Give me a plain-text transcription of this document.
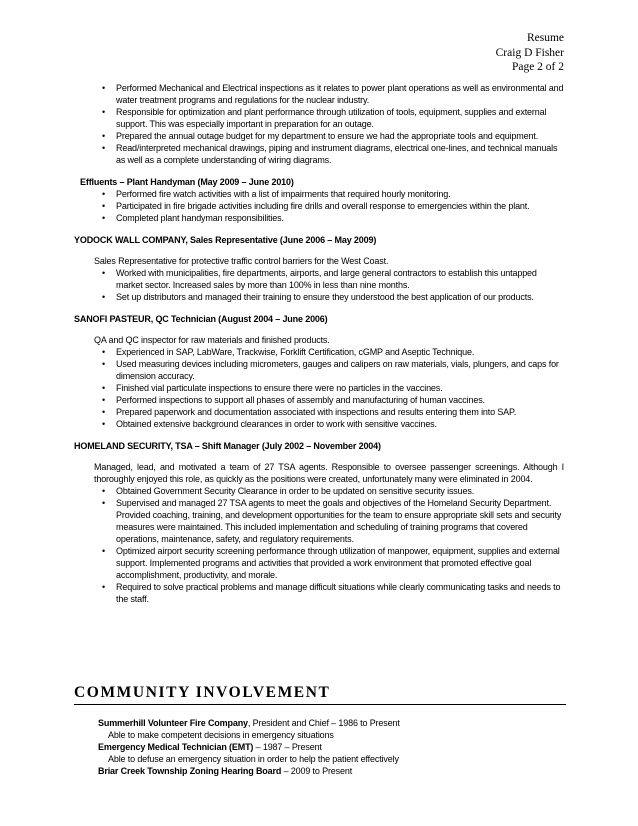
Resume
Craig D Fisher
Page 2 of 2
• Performed Mechanical and Electrical inspections as it relates to power plant operations as well as environmental and water treatment programs and regulations for the nuclear industry.
• Responsible for optimization and plant performance through utilization of tools, equipment, supplies and external support. This was especially important in preparation for an outage.
• Prepared the annual outage budget for my department to ensure we had the appropriate tools and equipment.
• Read/interpreted mechanical drawings, piping and instrument diagrams, electrical one-lines, and technical manuals as well as a complete understanding of wiring diagrams.
Effluents – Plant Handyman (May 2009 – June 2010)
• Performed fire watch activities with a list of impairments that required hourly monitoring.
• Participated in fire brigade activities including fire drills and overall response to emergencies within the plant.
• Completed plant handyman responsibilities.
YODOCK WALL COMPANY, Sales Representative (June 2006 – May 2009)
Sales Representative for protective traffic control barriers for the West Coast.
• Worked with municipalities, fire departments, airports, and large general contractors to establish this untapped market sector. Increased sales by more than 100% in less than nine months.
• Set up distributors and managed their training to ensure they understood the best application of our products.
SANOFI PASTEUR, QC Technician (August 2004 – June 2006)
QA and QC inspector for raw materials and finished products.
• Experienced in SAP, LabWare, Trackwise, Forklift Certification, cGMP and Aseptic Technique.
• Used measuring devices including micrometers, gauges and calipers on raw materials, vials, plungers, and caps for dimension accuracy.
• Finished vial particulate inspections to ensure there were no particles in the vaccines.
• Performed inspections to support all phases of assembly and manufacturing of human vaccines.
• Prepared paperwork and documentation associated with inspections and results entering them into SAP.
• Obtained extensive background clearances in order to work with sensitive vaccines.
HOMELAND SECURITY, TSA – Shift Manager (July 2002 – November 2004)
Managed, lead, and motivated a team of 27 TSA agents. Responsible to oversee passenger screenings. Although I thoroughly enjoyed this role, as quickly as the positions were created, unfortunately many were eliminated in 2004.
• Obtained Government Security Clearance in order to be updated on sensitive security issues.
• Supervised and managed 27 TSA agents to meet the goals and objectives of the Homeland Security Department. Provided coaching, training, and development opportunities for the team to ensure appropriate skill sets and security measures were maintained. This included implementation and scheduling of training programs that covered operations, maintenance, safety, and regulatory requirements.
• Optimized airport security screening performance through utilization of manpower, equipment, supplies and external support. Implemented programs and activities that provided a work environment that promoted effective goal accomplishment, productivity, and morale.
• Required to solve practical problems and manage difficult situations while clearly communicating tasks and needs to the staff.
COMMUNITY INVOLVEMENT
Summerhill Volunteer Fire Company, President and Chief – 1986 to Present
Able to make competent decisions in emergency situations
Emergency Medical Technician (EMT) – 1987 – Present
Able to defuse an emergency situation in order to help the patient effectively
Briar Creek Township Zoning Hearing Board – 2009 to Present
